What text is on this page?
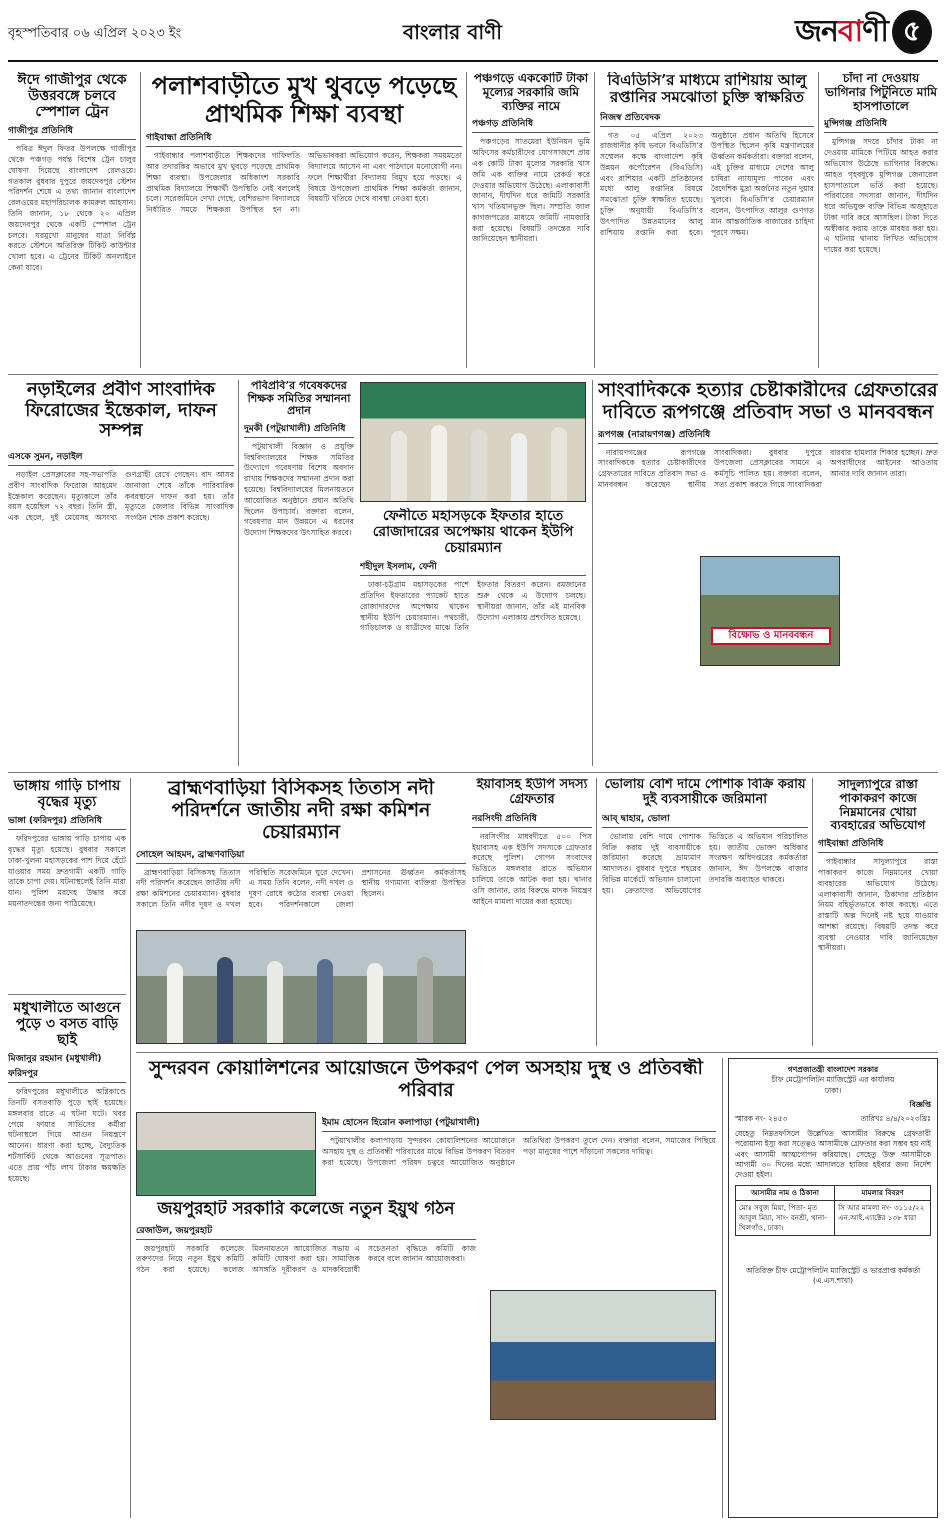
বৃহস্পতিবার ০৬ এপ্রিল ২০২৩ ইং	বাংলার বাণী	জন বা ণী ৫
ঈদে গাজীপুর থেকে উত্তরবঙ্গে চলবে স্পেশাল ট্রেন
গাজীপুর প্রতিনিধি

পবিত্র ঈদুল ফিতর উপলক্ষে গাজীপুর থেকে পঞ্চগড় পর্যন্ত বিশেষ ট্রেন চালুর ঘোষণা দিয়েছে বাংলাদেশ রেলওয়ে। গতকাল বুধবার দুপুরে জয়দেবপুর স্টেশন পরিদর্শন শেষে এ তথ্য জানান বাংলাদেশ রেলওয়ের মহাপরিচালক কামরুল আহসান। তিনি জানান, ১৮ থেকে ২০ এপ্রিল জয়দেবপুর থেকে একটি স্পেশাল ট্রেন চলবে। ঘরমুখো মানুষের যাত্রা নির্বিঘ্ন করতে স্টেশনে অতিরিক্ত টিকিট কাউন্টার খোলা হবে। এ ট্রেনের টিকিট অনলাইনে কেনা যাবে।

পলাশবাড়ীতে মুখ থুবড়ে পড়েছে প্রাথমিক শিক্ষা ব্যবস্থা
গাইবান্ধা প্রতিনিধি

গাইবান্ধার পলাশবাড়ীতে শিক্ষকদের গাফিলতি আর তদারকির অভাবে মুখ থুবড়ে পড়েছে প্রাথমিক শিক্ষা ব্যবস্থা। উপজেলার অধিকাংশ সরকারি প্রাথমিক বিদ্যালয়ে শিক্ষার্থী উপস্থিতি নেই বললেই চলে। সরেজমিনে দেখা গেছে, বেশিরভাগ বিদ্যালয়ে নির্ধারিত সময়ে শিক্ষকরা উপস্থিত হন না। অভিভাবকরা অভিযোগ করেন, শিক্ষকরা সময়মতো বিদ্যালয়ে আসেন না এবং পাঠদানে মনোযোগী নন। ফলে শিক্ষার্থীরা বিদ্যালয় বিমুখ হয়ে পড়ছে। এ বিষয়ে উপজেলা প্রাথমিক শিক্ষা কর্মকর্তা জানান, বিষয়টি খতিয়ে দেখে ব্যবস্থা নেওয়া হবে।

পঞ্চগড়ে এককোটি টাকা মূল্যের সরকারি জমি ব্যক্তির নামে
পঞ্চগড় প্রতিনিধি

পঞ্চগড়ের সাতমেরা ইউনিয়ন ভূমি অফিসের কর্মচারীদের যোগসাজশে প্রায় এক কোটি টাকা মূল্যের সরকারি খাস জমি এক ব্যক্তির নামে রেকর্ড করে দেওয়ার অভিযোগ উঠেছে। এলাকাবাসী জানান, দীর্ঘদিন ধরে জমিটি সরকারি খাস খতিয়ানভুক্ত ছিল। সম্প্রতি জাল কাগজপত্রের মাধ্যমে জমিটি নামজারি করা হয়েছে। বিষয়টি তদন্তের দাবি জানিয়েছেন স্থানীয়রা।

বিএডিসি’র মাধ্যমে রাশিয়ায় আলু রপ্তানির সমঝোতা চুক্তি স্বাক্ষরিত
নিজস্ব প্রতিবেদক

গত ০৫ এপ্রিল ২০২৩ রাজধানীর কৃষি ভবনে বিএডিসি’র সম্মেলন কক্ষে বাংলাদেশ কৃষি উন্নয়ন কর্পোরেশন (বিএডিসি) এবং রাশিয়ার একটি প্রতিষ্ঠানের মধ্যে আলু রপ্তানির বিষয়ে সমঝোতা চুক্তি স্বাক্ষরিত হয়েছে। চুক্তি অনুযায়ী বিএডিসি’র উৎপাদিত উন্নতমানের আলু রাশিয়ায় রপ্তানি করা হবে। অনুষ্ঠানে প্রধান অতিথি হিসেবে উপস্থিত ছিলেন কৃষি মন্ত্রণালয়ের ঊর্ধ্বতন কর্মকর্তারা। বক্তারা বলেন, এই চুক্তির মাধ্যমে দেশের আলু চাষিরা ন্যায্যমূল্য পাবেন এবং বৈদেশিক মুদ্রা অর্জনের নতুন দুয়ার খুলবে। বিএডিসি’র চেয়ারম্যান বলেন, উৎপাদিত আলুর গুণগত মান আন্তর্জাতিক বাজারের চাহিদা পূরণে সক্ষম।

চাঁদা না দেওয়ায় ভাগিনার পিটুনিতে মামি হাসপাতালে
মুন্সিগঞ্জ প্রতিনিধি

মুন্সিগঞ্জ সদরে চাঁদার টাকা না দেওয়ায় মামিকে পিটিয়ে আহত করার অভিযোগ উঠেছে ভাগিনার বিরুদ্ধে। আহত গৃহবধূকে মুন্সিগঞ্জ জেনারেল হাসপাতালে ভর্তি করা হয়েছে। পরিবারের সদস্যরা জানান, দীর্ঘদিন ধরে অভিযুক্ত ব্যক্তি বিভিন্ন অজুহাতে টাকা দাবি করে আসছিল। টাকা দিতে অস্বীকার করায় তাকে মারধর করা হয়। এ ঘটনায় থানায় লিখিত অভিযোগ দায়ের করা হয়েছে।

এসকে সুমন, নড়াইল

নড়াইল প্রেসক্লাবের সহ-সভাপতি প্রবীণ সাংবাদিক ফিরোজ আহমেদ ইন্তেকাল করেছেন। মৃত্যুকালে তাঁর বয়স হয়েছিল ৭২ বছর। তিনি স্ত্রী, এক ছেলে, দুই মেয়েসহ অসংখ্য গুণগ্রাহী রেখে গেছেন। বাদ আসর জানাজা শেষে তাঁকে পারিবারিক কবরস্থানে দাফন করা হয়। তাঁর মৃত্যুতে জেলার বিভিন্ন সাংবাদিক সংগঠন শোক প্রকাশ করেছে।

নড়াইলের প্রবীণ সাংবাদিক ফিরোজের ইন্তেকাল, দাফন সম্পন্ন
পবিপ্রবি’র গবেষকদের শিক্ষক সমিতির সম্মাননা প্রদান
দুমকী (পটুয়াখালী) প্রতিনিধি

পটুয়াখালী বিজ্ঞান ও প্রযুক্তি বিশ্ববিদ্যালয়ের শিক্ষক সমিতির উদ্যোগে গবেষণায় বিশেষ অবদান রাখায় শিক্ষকদের সম্মাননা প্রদান করা হয়েছে। বিশ্ববিদ্যালয়ের মিলনায়তনে আয়োজিত অনুষ্ঠানে প্রধান অতিথি ছিলেন উপাচার্য। বক্তারা বলেন, গবেষণার মান উন্নয়নে এ ধরনের উদ্যোগ শিক্ষকদের উৎসাহিত করবে।

ফেনীতে মহাসড়কে ইফতার হাতে রোজাদারের অপেক্ষায় থাকেন ইউপি চেয়ারম্যান
শহীদুল ইসলাম, ফেনী

ঢাকা-চট্টগ্রাম মহাসড়কের পাশে প্রতিদিন ইফতারের প্যাকেট হাতে রোজাদারদের অপেক্ষায় থাকেন স্থানীয় ইউপি চেয়ারম্যান। পথচারী, গাড়িচালক ও যাত্রীদের মাঝে তিনি ইফতার বিতরণ করেন। রমজানের শুরু থেকে এ উদ্যোগ চলছে। স্থানীয়রা জানান, তাঁর এই মানবিক উদ্যোগ এলাকায় প্রশংসিত হয়েছে।

সাংবাদিককে হত্যার চেষ্টাকারীদের গ্রেফতারের দাবিতে রূপগঞ্জে প্রতিবাদ সভা ও মানববন্ধন
রূপগঞ্জ (নারায়ণগঞ্জ) প্রতিনিধি

নারায়ণগঞ্জের রূপগঞ্জে সাংবাদিককে হত্যার চেষ্টাকারীদের গ্রেফতারের দাবিতে প্রতিবাদ সভা ও মানববন্ধন করেছেন স্থানীয় সাংবাদিকরা। বুধবার দুপুরে উপজেলা প্রেসক্লাবের সামনে এ কর্মসূচি পালিত হয়। বক্তারা বলেন, সত্য প্রকাশ করতে গিয়ে সাংবাদিকরা বারবার হামলার শিকার হচ্ছেন। দ্রুত অপরাধীদের আইনের আওতায় আনার দাবি জানান তারা।

বিক্ষোভ ও মানববন্ধন
ভাঙ্গায় গাড়ি চাপায় বৃদ্ধের মৃত্যু
ভাঙ্গা (ফরিদপুর) প্রতিনিধি

ফরিদপুরের ভাঙ্গায় গাড়ি চাপায় এক বৃদ্ধের মৃত্যু হয়েছে। বুধবার সকালে ঢাকা-খুলনা মহাসড়কের পাশ দিয়ে হেঁটে যাওয়ার সময় দ্রুতগামী একটি গাড়ি তাকে চাপা দেয়। ঘটনাস্থলেই তিনি মারা যান। পুলিশ মরদেহ উদ্ধার করে ময়নাতদন্তের জন্য পাঠিয়েছে।

মধুখালীতে আগুনে পুড়ে ৩ বসত বাড়ি ছাই
মিজানুর রহমান (মধুখালী) ফরিদপুর

ফরিদপুরের মধুখালীতে অগ্নিকাণ্ডে তিনটি বসতবাড়ি পুড়ে ছাই হয়েছে। মঙ্গলবার রাতে এ ঘটনা ঘটে। খবর পেয়ে ফায়ার সার্ভিসের কর্মীরা ঘটনাস্থলে গিয়ে আগুন নিয়ন্ত্রণে আনেন। ধারণা করা হচ্ছে, বৈদ্যুতিক শর্টসার্কিট থেকে আগুনের সূত্রপাত। এতে প্রায় পাঁচ লাখ টাকার ক্ষয়ক্ষতি হয়েছে।

ব্রাহ্মণবাড়িয়া বিসিকসহ তিতাস নদী পরিদর্শনে জাতীয় নদী রক্ষা কমিশন চেয়ারম্যান
সোহেল আহমদ, ব্রাহ্মণবাড়িয়া

ব্রাহ্মণবাড়িয়া বিসিকসহ তিতাস নদী পরিদর্শন করেছেন জাতীয় নদী রক্ষা কমিশনের চেয়ারম্যান। বুধবার সকালে তিনি নদীর দূষণ ও দখল পরিস্থিতি সরেজমিনে ঘুরে দেখেন। এ সময় তিনি বলেন, নদী দখল ও দূষণ রোধে কঠোর ব্যবস্থা নেওয়া হবে। পরিদর্শনকালে জেলা প্রশাসনের ঊর্ধ্বতন কর্মকর্তাসহ স্থানীয় গণ্যমান্য ব্যক্তিরা উপস্থিত ছিলেন।

ইয়াবাসহ ইউপি সদস্য গ্রেফতার
নরসিংদী প্রতিনিধি

নরসিংদীর মাধবদীতে ৫০০ পিস ইয়াবাসহ এক ইউপি সদস্যকে গ্রেফতার করেছে পুলিশ। গোপন সংবাদের ভিত্তিতে মঙ্গলবার রাতে অভিযান চালিয়ে তাকে আটক করা হয়। থানার ওসি জানান, তার বিরুদ্ধে মাদক নিয়ন্ত্রণ আইনে মামলা দায়ের করা হয়েছে।

ভোলায় বেশি দামে পোশাক বিক্রি করায় দুই ব্যবসায়ীকে জরিমানা
আব্‌ দ্বাহার, ভোলা

ভোলায় বেশি দামে পোশাক বিক্রি করায় দুই ব্যবসায়ীকে জরিমানা করেছে ভ্রাম্যমাণ আদালত। বুধবার দুপুরে শহরের বিভিন্ন মার্কেটে অভিযান চালানো হয়। ক্রেতাদের অভিযোগের ভিত্তিতে এ অভিযান পরিচালিত হয়। জাতীয় ভোক্তা অধিকার সংরক্ষণ অধিদপ্তরের কর্মকর্তারা জানান, ঈদ উপলক্ষে বাজার তদারকি অব্যাহত থাকবে।

সাদুল্যাপুরে রাস্তা পাকাকরণ কাজে নিম্নমানের খোয়া ব্যবহারের অভিযোগ
গাইবান্ধা প্রতিনিধি

গাইবান্ধার সাদুল্যাপুরে রাস্তা পাকাকরণ কাজে নিম্নমানের খোয়া ব্যবহারের অভিযোগ উঠেছে। এলাকাবাসী জানান, ঠিকাদার প্রতিষ্ঠান নিয়ম বহির্ভূতভাবে কাজ করছে। এতে রাস্তাটি অল্প দিনেই নষ্ট হয়ে যাওয়ার আশঙ্কা রয়েছে। বিষয়টি তদন্ত করে ব্যবস্থা নেওয়ার দাবি জানিয়েছেন স্থানীয়রা।

সুন্দরবন কোয়ালিশনের আয়োজনে উপকরণ পেল অসহায় দুস্থ ও প্রতিবন্ধী পরিবার
জয়পুরহাট সরকারি কলেজে নতুন ইয়ুথ গঠন
রেজাউল, জয়পুরহাট

জয়পুরহাট সরকারি কলেজে তরুণদের নিয়ে নতুন ইয়ুথ কমিটি গঠন করা হয়েছে। কলেজ মিলনায়তনে আয়োজিত সভায় এ কমিটি ঘোষণা করা হয়। সামাজিক অসঙ্গতি দূরীকরণ ও মাদকবিরোধী সচেতনতা বৃদ্ধিতে কমিটি কাজ করবে বলে জানান আয়োজকরা।

ইমাম হোসেন হিরোন কলাপাড়া (পটুয়াখালী)

পটুয়াখালীর কলাপাড়ায় সুন্দরবন কোয়ালিশনের আয়োজনে অসহায় দুস্থ ও প্রতিবন্ধী পরিবারের মাঝে বিভিন্ন উপকরণ বিতরণ করা হয়েছে। উপজেলা পরিষদ চত্বরে আয়োজিত অনুষ্ঠানে অতিথিরা উপকরণ তুলে দেন। বক্তারা বলেন, সমাজের পিছিয়ে পড়া মানুষের পাশে দাঁড়ানো সকলের দায়িত্ব।

গণপ্রজাতন্ত্রী বাংলাদেশ সরকার
চীফ মেট্রোপলিটন ম্যাজিস্ট্রেট এর কার্যালয়
ঢাকা।
বিজ্ঞপ্তি
স্মারক নং- ২৪৫৩	তারিখঃ ৪/৪/২০২৩খ্রিঃ
যেহেতু নিম্নতফসিলে উল্লেখিত আসামীর বিরুদ্ধে গ্রেফতারী পরোয়ানা ইস্যু করা সত্ত্বেও আসামীকে গ্রেফতার করা সম্ভব হয় নাই এবং আসামী আত্মগোপন করিয়াছে। সেহেতু উক্ত আসামীকে আগামী ৩০ দিনের মধ্যে আদালতে হাজির হইবার জন্য নির্দেশ দেওয়া হইল।
আসামীর নাম ও ঠিকানা	মামলার বিবরণ
মোঃ সবুজ মিয়া, পিতা- মৃত আবুল মিয়া, সাং- বনশ্রী, থানা- খিলগাঁও, ঢাকা।	সি আর মামলা নং- ৩১১৫/২২ এন.আই.এ্যাক্টের ১৩৮ ধারা
অতিরিক্ত চীফ মেট্রোপলিটন ম্যাজিস্ট্রেট ও ভারপ্রাপ্ত কর্মকর্তা (এ.এস.শাখা)
